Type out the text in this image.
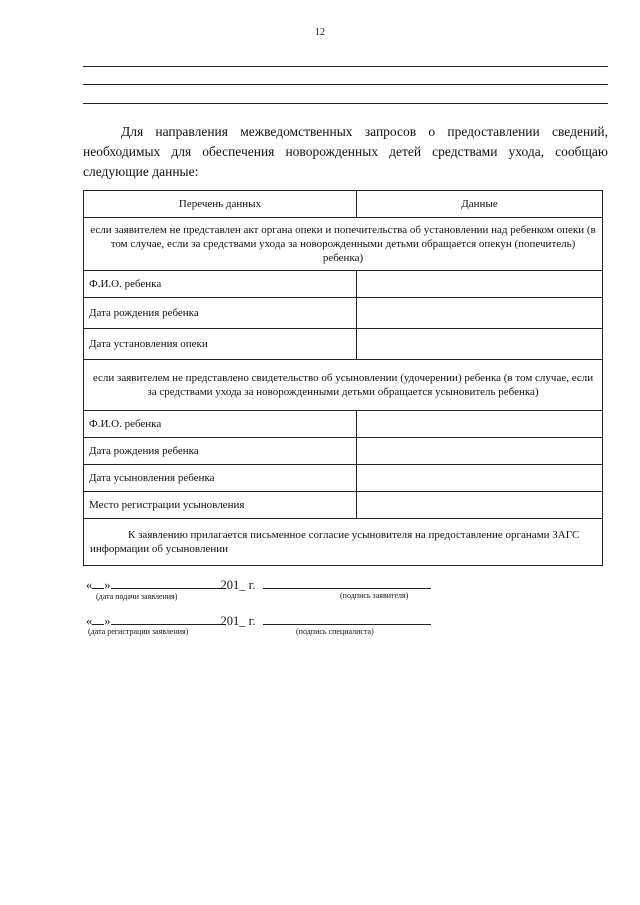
12
Для направления межведомственных запросов о предоставлении сведений, необходимых для обеспечения новорожденных детей средствами ухода, сообщаю следующие данные:
Перечень данных	Данные
если заявителем не представлен акт органа опеки и попечительства об установлении над ребенком опеки (в том случае, если за средствами ухода за новорожденными детьми обращается опекун (попечитель) ребенка)	
Ф.И.О. ребенка	
Дата рождения ребенка	
Дата установления опеки	
если заявителем не представлено свидетельство об усыновлении (удочерении) ребенка (в том случае, если за средствами ухода за новорожденными детьми обращается усыновитель ребенка)	
Ф.И.О. ребенка	
Дата рождения ребенка	
Дата усыновления ребенка	
Место регистрации усыновления	
К заявлению прилагается письменное согласие усыновителя на предоставление органами ЗАГС информации об усыновлении	
« »	201_ г.
(дата подачи заявления)	(подпись заявителя)
« »	201_ г.
(дата регистрации заявления)	(подпись специалиста)
